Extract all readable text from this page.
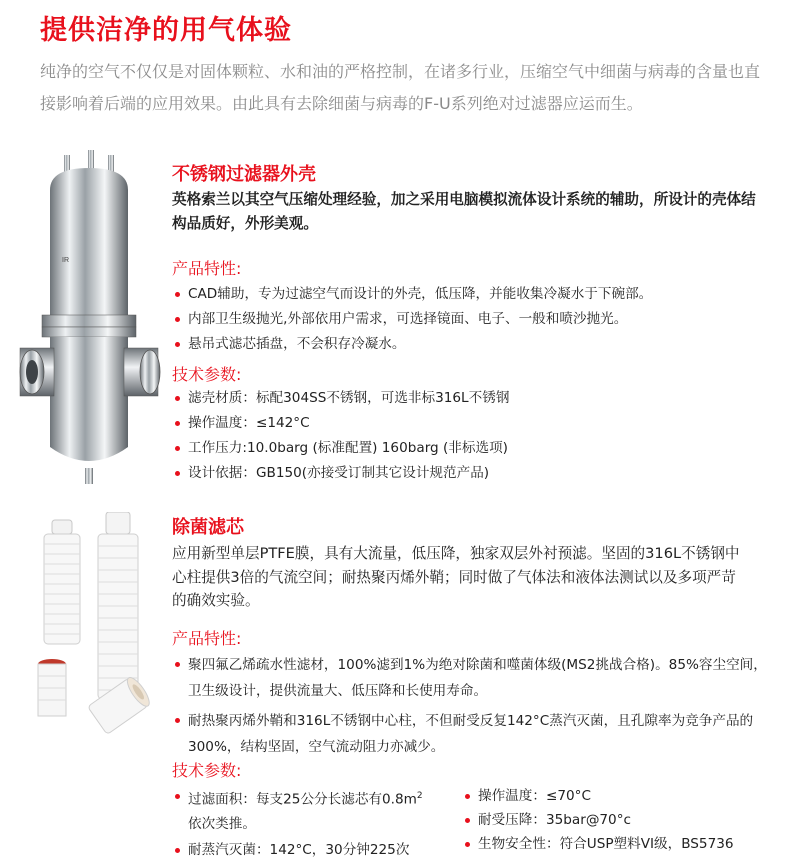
提供洁净的用气体验
纯净的空气不仅仅是对固体颗粒、水和油的严格控制，在诸多行业，压缩空气中细菌与病毒的含量也直接影响着后端的应用效果。由此具有去除细菌与病毒的F-U系列绝对过滤器应运而生。
IR
不锈钢过滤器外壳
英格索兰以其空气压缩处理经验，加之采用电脑模拟流体设计系统的辅助，所设计的壳体结构品质好，外形美观。
产品特性:
CAD辅助，专为过滤空气而设计的外壳，低压降，并能收集冷凝水于下碗部。
内部卫生级抛光,外部依用户需求，可选择镜面、电子、一般和喷沙抛光。
悬吊式滤芯插盘，不会积存冷凝水。
技术参数:
滤壳材质：标配304SS不锈钢，可选非标316L不锈钢
操作温度：≤142°C
工作压力:10.0barg (标准配置) 160barg (非标选项)
设计依据：GB150(亦接受订制其它设计规范产品)
除菌滤芯
应用新型单层PTFE膜，具有大流量，低压降，独家双层外衬预滤。坚固的316L不锈钢中心柱提供3倍的气流空间；耐热聚丙烯外鞘；同时做了气体法和液体法测试以及多项严苛的确效实验。
产品特性:
聚四氟乙烯疏水性滤材，100%滤到1%为绝对除菌和噬菌体级(MS2挑战合格)。85%容尘空间，卫生级设计，提供流量大、低压降和长使用寿命。
耐热聚丙烯外鞘和316L不锈钢中心柱，不但耐受反复142°C蒸汽灭菌，且孔隙率为竞争产品的300%，结构坚固，空气流动阻力亦减少。
技术参数:
过滤面积：每支25公分长滤芯有$0.8m^2$
依次类推。
耐蒸汽灭菌：142°C，30分钟225次
操作温度：≤70°C
耐受压降：35bar@70°c
生物安全性：符合USP塑料VI级，BS5736
